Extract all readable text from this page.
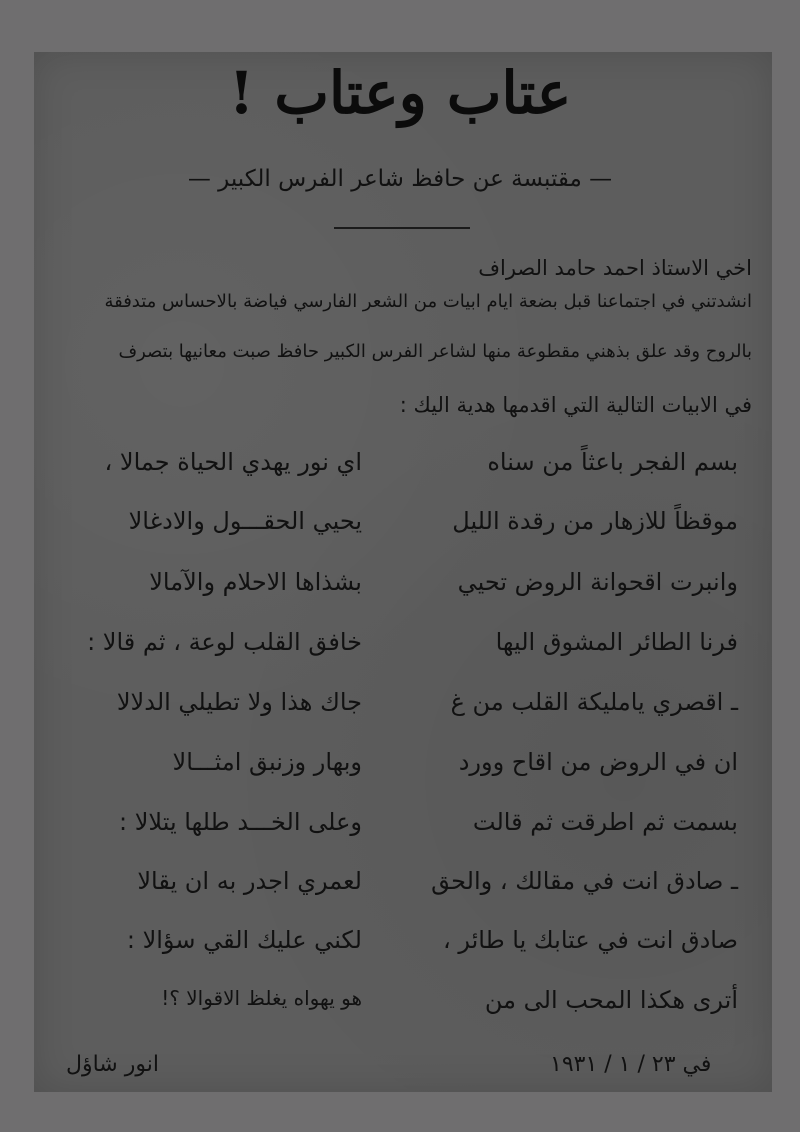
عتاب وعتاب !
— مقتبسة عن حافظ شاعر الفرس الكبير —
اخي الاستاذ احمد حامد الصراف
انشدتني في اجتماعنا قبل بضعة ايام ابيات من الشعر الفارسي فياضة بالاحساس متدفقة
بالروح وقد علق بذهني مقطوعة منها لشاعر الفرس الكبير حافظ صبت معانيها بتصرف
في الابيات التالية التي اقدمها هدية اليك :
بسم الفجر باعثاً من سناه
اي نور يهدي الحياة جمالا ،
موقظاً للازهار من رقدة الليل
يحيي الحقـــول والادغالا
وانبرت اقحوانة الروض تحيي
بشذاها الاحلام والآمالا
فرنا الطائر المشوق اليها
خافق القلب لوعة ، ثم قالا :
ـ اقصري يامليكة القلب من غ
جاك هذا ولا تطيلي الدلالا
ان في الروض من اقاح وورد
وبهار وزنبق امثـــالا
بسمت ثم اطرقت ثم قالت
وعلى الخـــد طلها يتلالا :
ـ صادق انت في مقالك ، والحق
لعمري اجدر به ان يقالا
صادق انت في عتابك يا طائر ،
لكني عليك القي سؤالا :
أترى هكذا المحب الى من
هو يهواه يغلظ الاقوالا ؟!
في ٢٣ / ١ / ١٩٣١
انور شاؤل
